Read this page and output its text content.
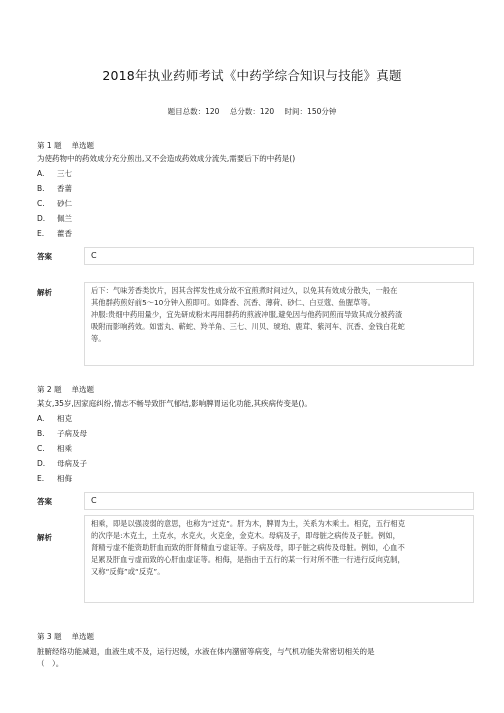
2018年执业药师考试《中药学综合知识与技能》真题
题目总数：120 总分数：120 时间：150分钟
第 1 题 单选题
为使药物中的药效成分充分煎出,又不会造成药效成分流失,需要后下的中药是()
A. 三七
B. 香薷
C. 砂仁
D. 佩兰
E. 藿香
答案	C
解析	后下：气味芳香类饮片，因其含挥发性成分故不宜煎煮时间过久，以免其有效成分散失，一般在
其他群药煎好前5～10分钟入煎即可。如降香、沉香、薄荷、砂仁、白豆蔻、鱼腥草等。
冲服:贵细中药用量少，宜先研成粉末再用群药的煎液冲服,避免因与他药同煎而导致其成分被药渣
吸附而影响药效。如雷丸、蕲蛇、羚羊角、三七、川贝、琥珀、鹿茸、紫河车、沉香、金钱白花蛇
等。
第 2 题 单选题
某女,35岁,因家庭纠纷,情志不畅导致肝气郁结,影响脾胃运化功能,其疾病传变是()。
A. 相克
B. 子病及母
C. 相乘
D. 母病及子
E. 相侮
答案	C
解析
相乘，即是以强凌弱的意思，也称为“过克”。肝为木，脾胃为土，关系为木乘土。相克，五行相克
的次序是:木克土，土克水，水克火，火克金，金克木。母病及子，即母脏之病传及子脏。例如，
肾精亏虚不能资助肝血而致的肝肾精血亏虚证等。子病及母，即子脏之病传及母脏。例如，心血不
足累及肝血亏虚而致的心肝血虚证等。相侮，是指由于五行的某一行对所不胜一行进行反向克制，
又称“反侮”或“反克”。
第 3 题 单选题
脏腑经络功能减退，血液生成不及，运行迟缓，水液在体内潴留等病变，与气机功能失常密切相关的是
（　）。
